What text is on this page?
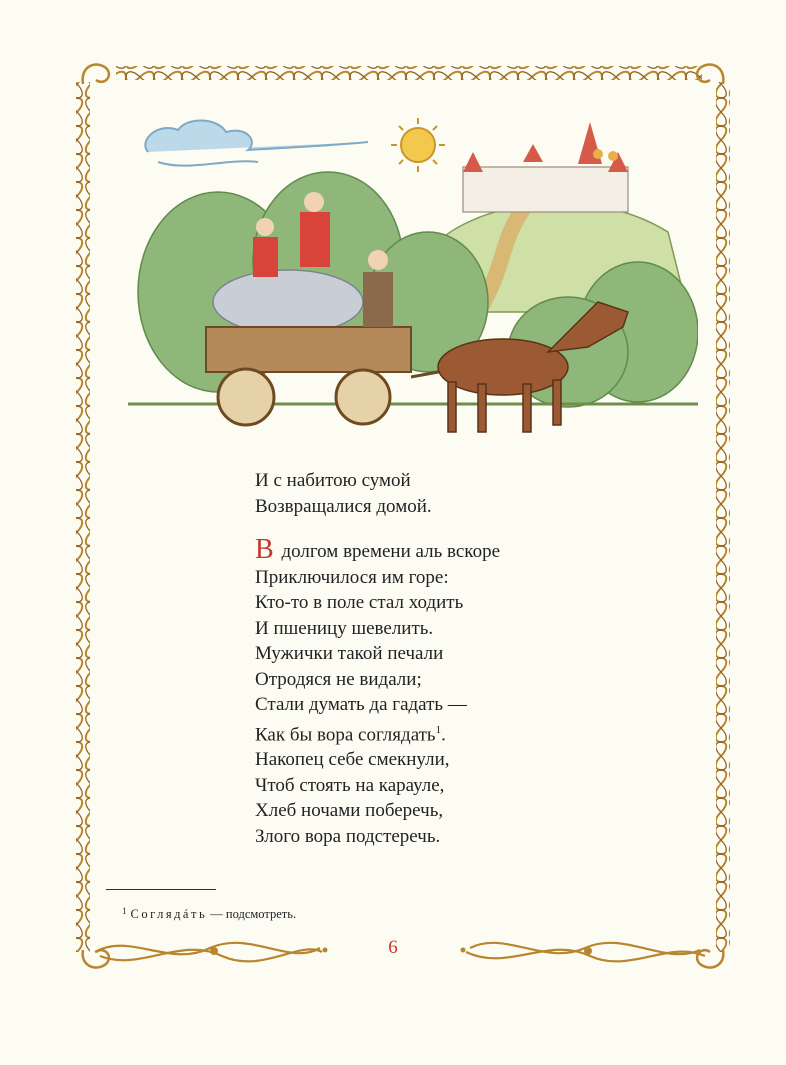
И с набитою сумой
Возвращалися домой.
В долгом времени аль вскоре
Приключилося им горе:
Кто-то в поле стал ходить
И пшеницу шевелить.
Мужички такой печали
Отродяся не видали;
Стали думать да гадать —
Как бы вора соглядать$^1$.
Накопец себе смекнули,
Чтоб стоять на карауле,
Хлеб ночами поберечь,
Злого вора подстеречь.
$^1$ Соглядáть — подсмотреть.
6
